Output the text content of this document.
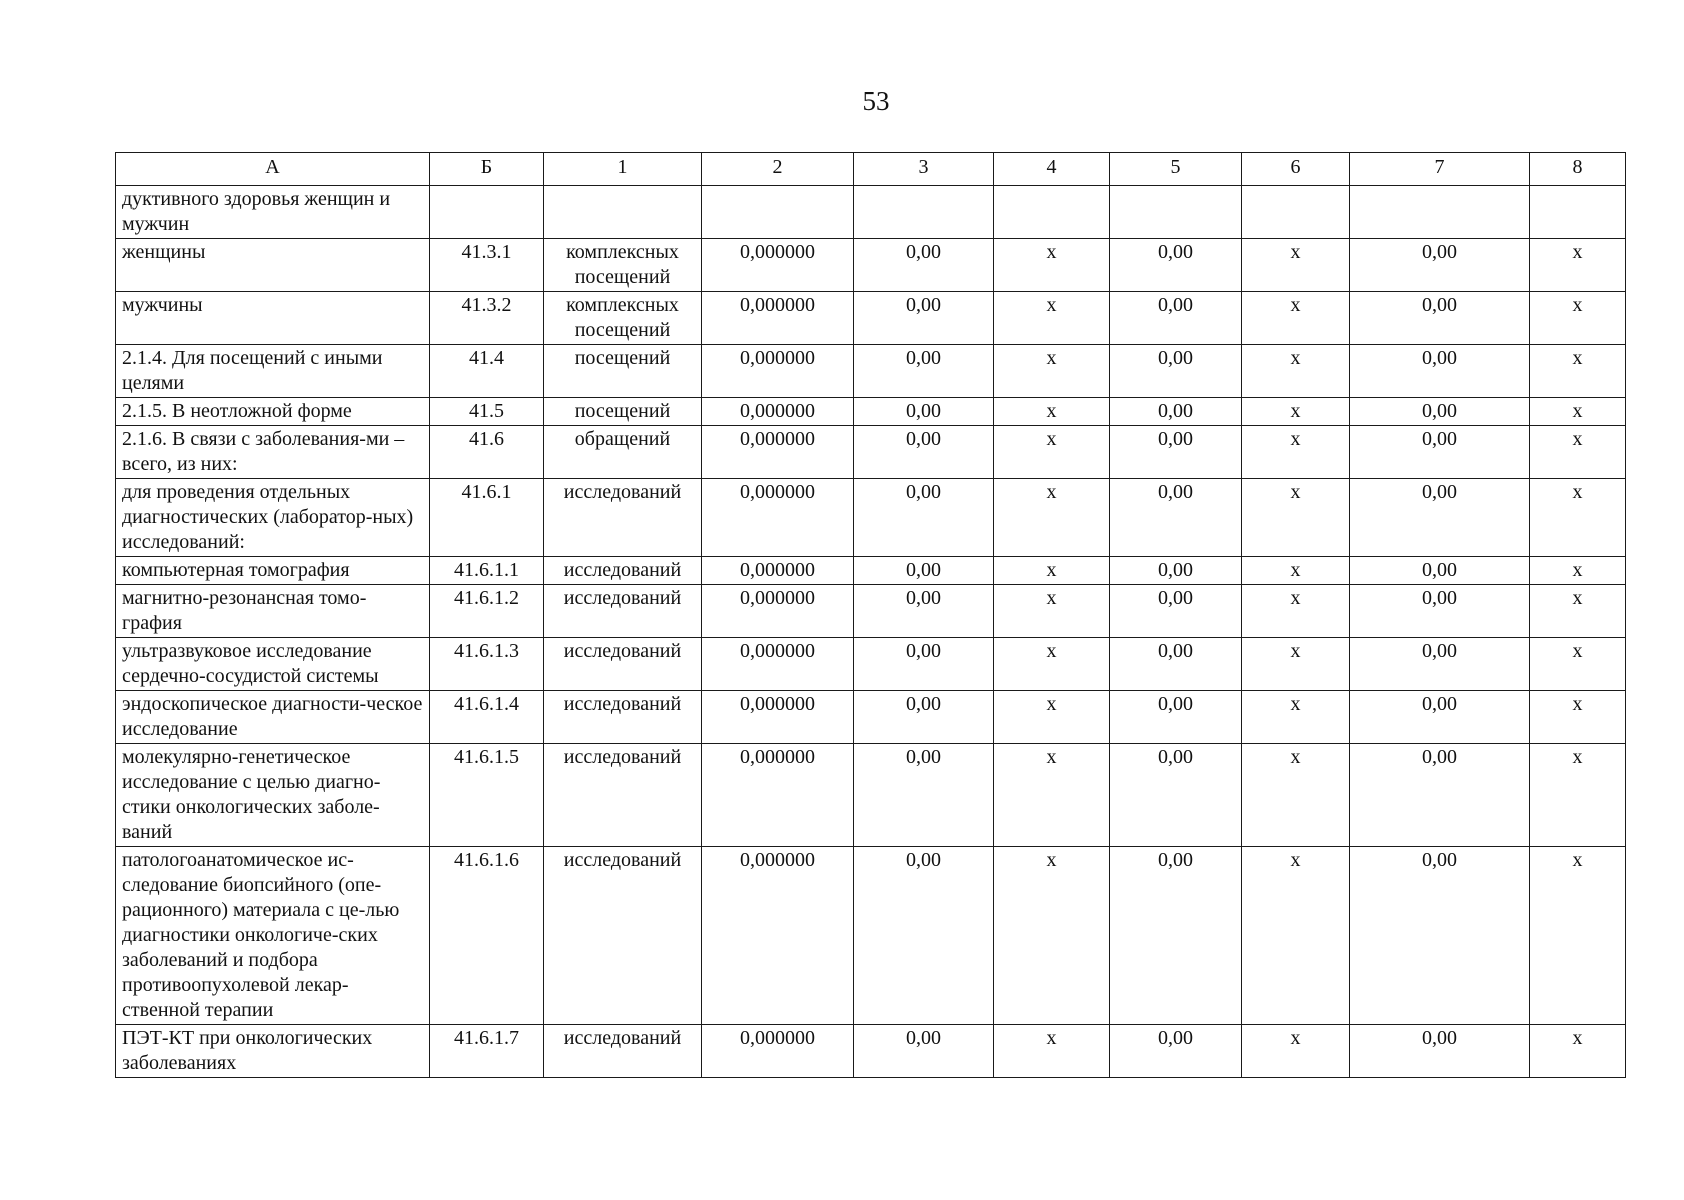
53
А	Б	1	2	3	4	5	6	7	8
дуктивного здоровья женщин и мужчин									
женщины	41.3.1	комплексных посещений	0,000000	0,00	х	0,00	х	0,00	х
мужчины	41.3.2	комплексных посещений	0,000000	0,00	х	0,00	х	0,00	х
2.1.4. Для посещений с иными целями	41.4	посещений	0,000000	0,00	х	0,00	х	0,00	х
2.1.5. В неотложной форме	41.5	посещений	0,000000	0,00	х	0,00	х	0,00	х
2.1.6. В связи с заболевания-ми – всего, из них:	41.6	обращений	0,000000	0,00	х	0,00	х	0,00	х
для проведения отдельных диагностических (лаборатор-ных) исследований:	41.6.1	исследований	0,000000	0,00	х	0,00	х	0,00	х
компьютерная томография	41.6.1.1	исследований	0,000000	0,00	х	0,00	х	0,00	х
магнитно-резонансная томо-графия	41.6.1.2	исследований	0,000000	0,00	х	0,00	х	0,00	х
ультразвуковое исследование сердечно-сосудистой системы	41.6.1.3	исследований	0,000000	0,00	х	0,00	х	0,00	х
эндоскопическое диагности-ческое исследование	41.6.1.4	исследований	0,000000	0,00	х	0,00	х	0,00	х
молекулярно-генетическое исследование с целью диагно-стики онкологических заболе-ваний	41.6.1.5	исследований	0,000000	0,00	х	0,00	х	0,00	х
патологоанатомическое ис-следование биопсийного (опе-рационного) материала с це-лью диагностики онкологиче-ских заболеваний и подбора противоопухолевой лекар-ственной терапии	41.6.1.6	исследований	0,000000	0,00	х	0,00	х	0,00	х
ПЭТ-КТ при онкологических заболеваниях	41.6.1.7	исследований	0,000000	0,00	х	0,00	х	0,00	х
